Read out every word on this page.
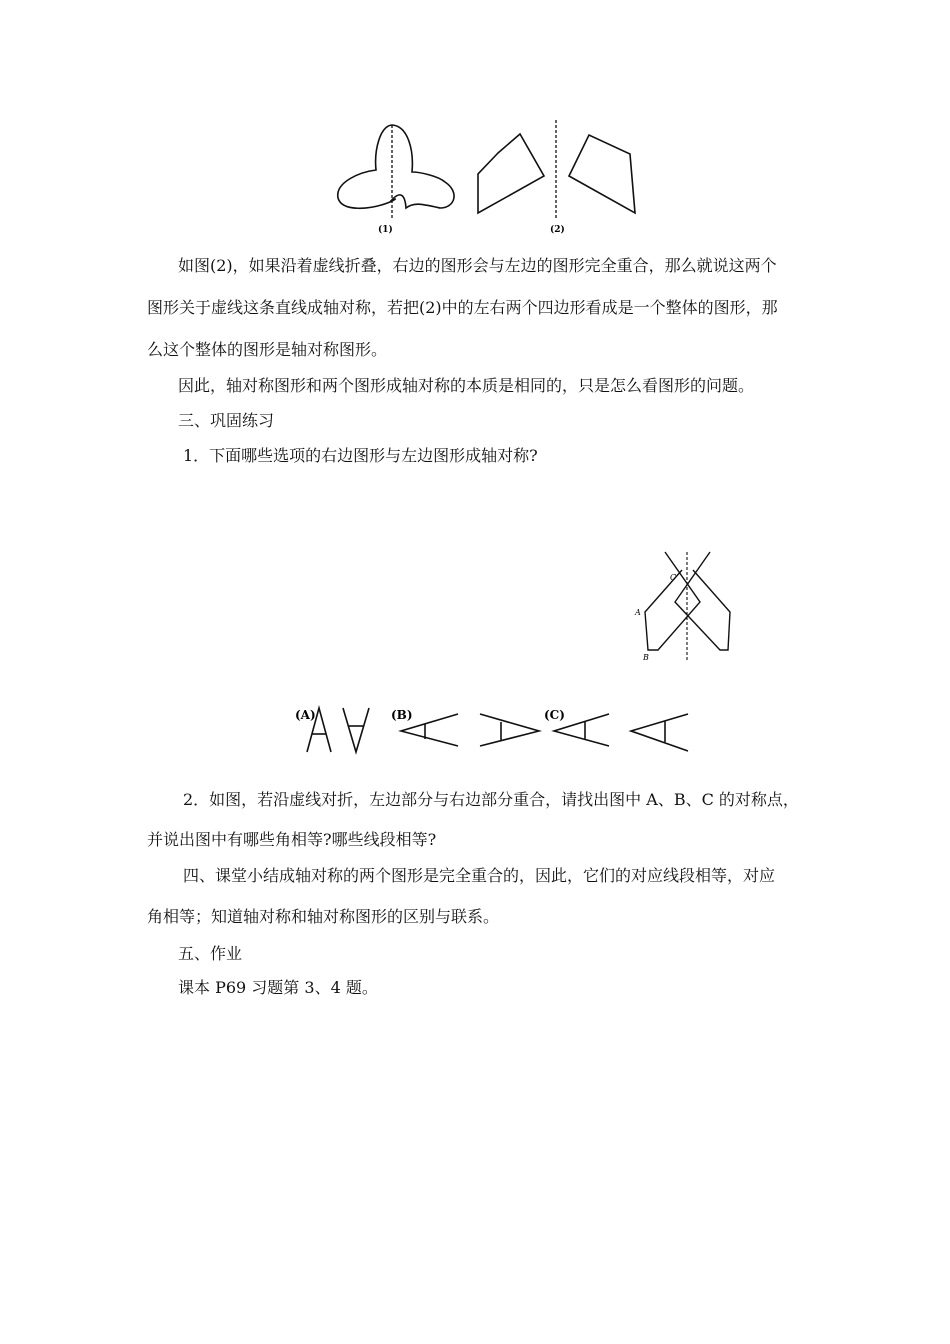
(1)	(2)
如图(2)，如果沿着虚线折叠，右边的图形会与左边的图形完全重合，那么就说这两个
图形关于虚线这条直线成轴对称，若把(2)中的左右两个四边形看成是一个整体的图形，那
么这个整体的图形是轴对称图形。
因此，轴对称图形和两个图形成轴对称的本质是相同的，只是怎么看图形的问题。
三、巩固练习
1．下面哪些选项的右边图形与左边图形成轴对称?
A
B
C
(A)	(B)	(C)
2．如图，若沿虚线对折，左边部分与右边部分重合，请找出图中 A、B、C 的对称点，
并说出图中有哪些角相等?哪些线段相等?
四、课堂小结成轴对称的两个图形是完全重合的，因此，它们的对应线段相等，对应
角相等；知道轴对称和轴对称图形的区别与联系。
五、作业
课本 P69 习题第 3、4 题。
